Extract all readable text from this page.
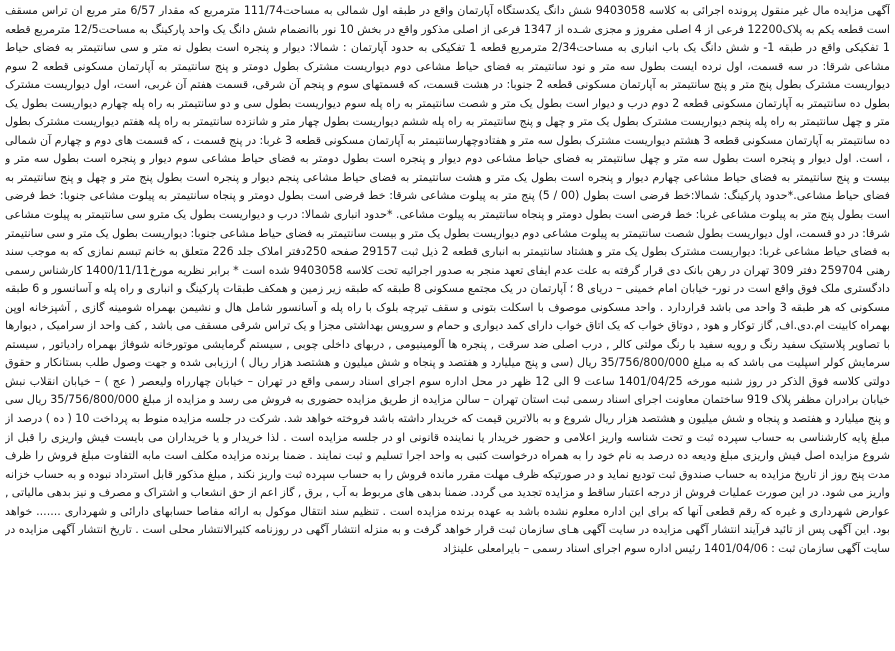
آگهی مزایده مال غیر منقول پرونده اجرائی به کلاسه 9403058 شش دانگ یکدستگاه آپارتمان واقع در طبقه اول شمالی به مساحت111/74 مترمربع که مقدار 6/57 متر مربع ان تراس مسقف است قطعه یکم به پلاک12200 فرعی از 4 اصلی مفروز و مجزی شـده از 1347 فرعی از اصلی مذکور واقع در بخش 10 نور باانضمام شش دانگ یک واحد پارکینگ به مساحت12/5 مترمربع قطعه 1 تفکیکی واقع در طبقه 1- و شش دانگ یک باب انباری به مساحت2/34 مترمربع قطعه 1 تفکیکی به حدود آپارتمان : شمالا: دیوار و پنجره است بطول نه متر و سی سانتیمتر به فضای حیاط مشاعی شرقا: در سه قسمت، اول نرده ایست بطول سه متر و نود سانتیمتر به فضای حیاط مشاعی دوم دیواریست مشترک بطول دومتر و پنج سانتیمتر به آپارتمان مسکونی قطعه 2 سوم دیواریست مشترک بطول پنج متر و پنج سانتیمتر به آپارتمان مسکونی قطعه 2 جنوبا: در هشت قسمت، که قسمتهای سوم و پنجم آن شرقی، قسمت هفتم آن غربی، است، اول دیواریست مشترک بطول ده سانتیمتر به آپارتمان مسکونی قطعه 2 دوم درب و دیوار است بطول یک متر و شصت سانتیمتر به راه پله سوم دیواریست بطول سی و دو سانتیمتر به راه پله چهارم دیواریست بطول یک متر و چهل سانتیمتر به راه پله پنجم دیواریست مشترک بطول یک متر و چهل و پنج سانتیمتر به راه پله ششم دیواریست بطول چهار متر و شانزده سانتیمتر به راه پله هفتم دیواریست مشترک بطول ده سانتیمتر به آپارتمان مسکونی قطعه 3 هشتم دیواریست مشترک بطول سه متر و هفتادوچهارسانتیمتر به آپارتمان مسکونی قطعه 3 غربا: در پنج قسمت ، که قسمت های دوم و چهارم آن شمالی ، است. اول دیوار و پنجره است بطول سه متر و چهل سانتیمتر به فضای حیاط مشاعی دوم دیوار و پنجره است بطول دومتر به فضای حیاط مشاعی سوم دیوار و پنجره است بطول سه متر و بیست و پنج سانتیمتر به فضای حیاط مشاعی چهارم دیوار و پنجره است بطول یک متر و هشت سانتیمتر به فضای حیاط مشاعی پنجم دیوار و پنجره است بطول پنج متر و چهل و پنج سانتیمتر به فضای حیاط مشاعی.*حدود پارکینگ: شمالا:خط فرضی است بطول (00 / 5) پنج متر به پیلوت مشاعی شرقا: خط فرضی است بطول دومتر و پنجاه سانتیمتر به پیلوت مشاعی جنوبا: خط فرضی است بطول پنج متر به پیلوت مشاعی غربا: خط فرضی است بطول دومتر و پنجاه سانتیمتر به پیلوت مشاعی. *حدود انباری شمالا: درب و دیواریست بطول یک مترو سی سانتیمتر به پیلوت مشاعی شرقا: در دو قسمت، اول دیواریست بطول شصت سانتیمتر به پیلوت مشاعی دوم دیواریست بطول یک متر و بیست سانتیمتر به فضای حیاط مشاعی جنوبا: دیواریست بطول یک متر و سی سانتیمتر به فضای حیاط مشاعی غربا: دیواریست مشترک بطول یک متر و هشتاد سانتیمتر به انباری قطعه 2 ذیل ثبت 29157 صفحه 250دفتر املاک جلد 226 متعلق به خانم تبسم نمازی که به موجب سند رهنی 259704 دفتر 309 تهران در رهن بانک دی قرار گرفته به علت عدم ایفای تعهد منجر به صدور اجرائیه تحت کلاسه 9403058 شده است * برابر نظریه مورخ1400/11/11 کارشناس رسمی دادگستری ملک فوق واقع است در نور- خیابان امام خمینی – دریای 8 ؛ آپارتمان در یک مجتمع مسکونی 8 طبقه که طبقه زیر زمین و همکف طبقات پارکینگ و انباری و راه پله و آسانسور و 6 طبقه مسکونی که هر طبقه 3 واحد می باشد قراردارد . واحد مسکونی موصوف با اسکلت بتونی و سقف تیرچه بلوک با راه پله و آسانسور شامل هال و نشیمن بهمراه شومینه گازی , آشپزخانه اوپن بهمراه کابینت ام.دی.اف, گاز توکار و هود , دوتاق خواب که یک اتاق خواب دارای کمد دیواری و حمام و سرویس بهداشتی مجزا و یک تراس شرقی مسقف می باشد , کف واحد از سرامیک , دیوارها با تصاویر پلاستیک سفید رنگ و رویه سفید با رنگ مولتی کالر , درب اصلی ضد سرقت , پنجره ها آلومینیومی , دربهای داخلی چوبی , سیستم گرمایشی موتورخانه شوفاژ بهمراه رادیاتور , سیستم سرمایش کولر اسپلیت می باشد که به مبلغ 35/756/800/000 ریال (سی و پنج میلیارد و هفتصد و پنجاه و شش میلیون و هشتصد هزار ریال ) ارزیابی شده و جهت وصول طلب بستانکار و حقوق دولتی کلاسه فوق الذکر در روز شنبه مورخه 1401/04/25 ساعت 9 الی 12 ظهر در محل اداره سوم اجرای اسناد رسمی واقع در تهران – خیابان چهارراه ولیعصر ( عج ) – خیابان انقلاب نبش خیابان برادران مظفر پلاک 919 ساختمان معاونت اجرای اسناد رسمی ثبت استان تهران – سالن مزایده از طریق مزایده حضوری به فروش می رسد و مزایده از مبلغ 35/756/800/000 ریال سی و پنج میلیارد و هفتصد و پنجاه و شش میلیون و هشتصد هزار ریال شروع و به بالاترین قیمت که خریدار داشته باشد فروخته خواهد شد. شرکت در جلسه مزایده منوط به پرداخت 10 ( ده ) درصد از مبلغ پایه کارشناسی به حساب سپرده ثبت و تحت شناسه واریز اعلامی و حضور خریدار یا نماینده قانونی او در جلسه مزایده است . لذا خریدار و یا خریداران می بایست فیش واریزی را قبل از شروع مزایده اصل فیش واریزی مبلغ ودیعه ده درصد به نام خود را به همراه درخواست کتبی به واحد اجرا تسلیم و ثبت نمایند . ضمنا برنده مزایده مکلف است مابه التفاوت مبلغ فروش را ظرف مدت پنج روز از تاریخ مزایده به حساب صندوق ثبت تودیع نماید و در صورتیکه ظرف مهلت مقرر مانده فروش را به حساب سپرده ثبت واریز نکند , مبلغ مذکور قابل استرداد نبوده و به حساب خزانه واریز می شود. در این صورت عملیات فروش از درجه اعتبار ساقط و مزایده تجدید می گردد. ضمنا بدهی های مربوط به آب , برق , گاز اعم از حق انشعاب و اشتراک و مصرف و نیز بدهی مالیاتی , عوارض شهرداری و غیره که رقم قطعی آنها که برای این اداره معلوم نشده باشد به عهده برنده مزایده است . تنظیم سند انتقال موکول به ارائه مفاصا حسابهای دارائی و شهرداری ....... خواهد بود. این آگهی پس از تائید فرآیند انتشار آگهی مزایده در سایت آگهی هـای سازمان ثبت قرار خواهد گرفت و به منزله انتشار آگهی در روزنامه کثیرالانتشار محلی است . تاریخ انتشار آگهی مزایده در سایت آگهی سازمان ثبت : 1401/04/06 رئیس اداره سوم اجرای اسناد رسمی – بایرامعلی علینژاد
